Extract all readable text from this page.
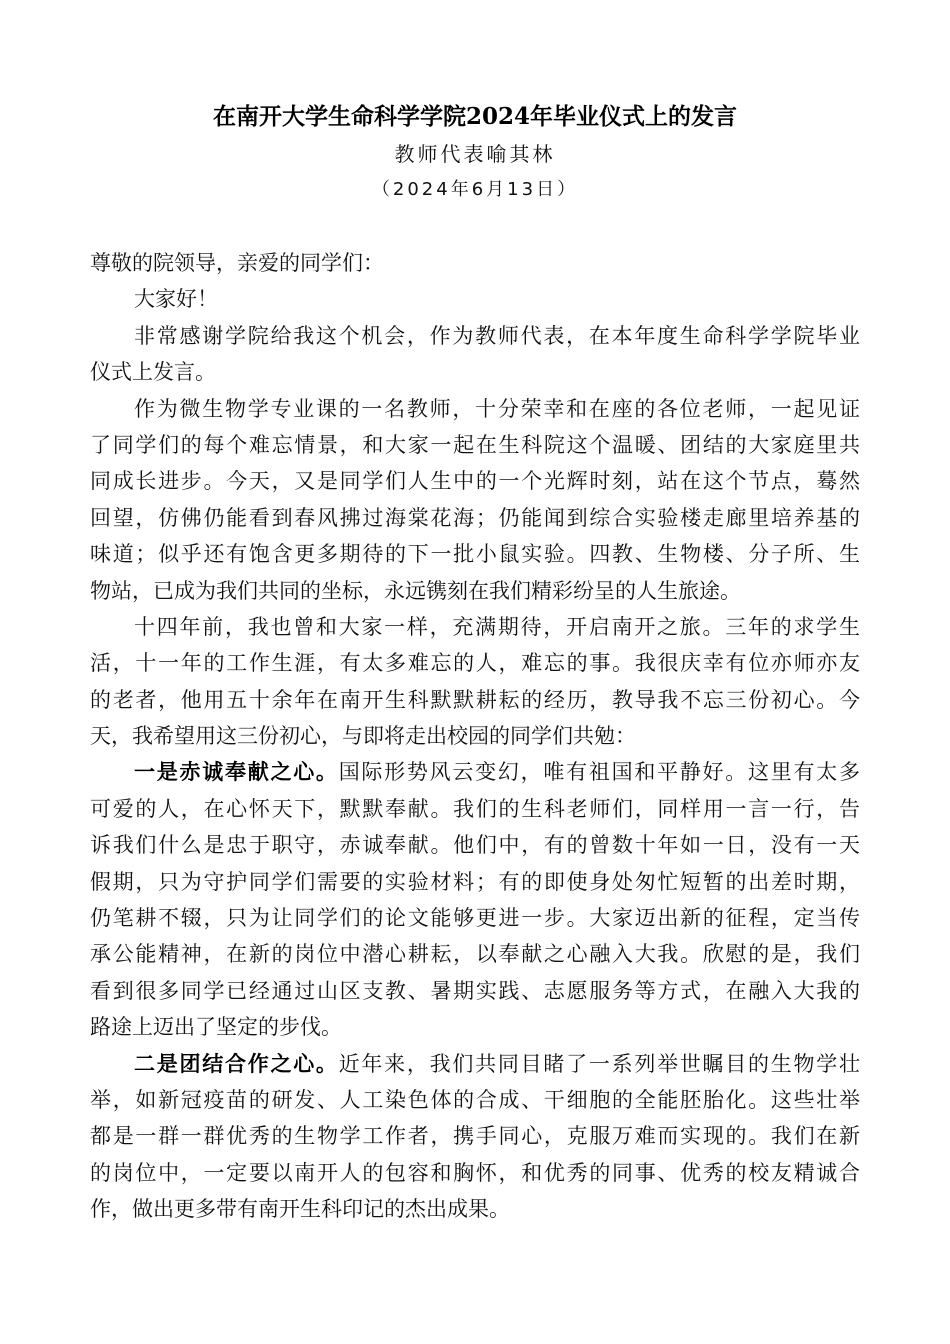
在南开大学生命科学学院2024年毕业仪式上的发言
教师代表喻其林
（2024年6月13日）
尊敬的院领导，亲爱的同学们：
大家好！
非常感谢学院给我这个机会，作为教师代表，在本年度生命科学学院毕业
仪式上发言。
作为微生物学专业课的一名教师，十分荣幸和在座的各位老师，一起见证
了同学们的每个难忘情景，和大家一起在生科院这个温暖、团结的大家庭里共
同成长进步。今天，又是同学们人生中的一个光辉时刻，站在这个节点，蓦然
回望，仿佛仍能看到春风拂过海棠花海；仍能闻到综合实验楼走廊里培养基的
味道；似乎还有饱含更多期待的下一批小鼠实验。四教、生物楼、分子所、生
物站，已成为我们共同的坐标，永远镌刻在我们精彩纷呈的人生旅途。
十四年前，我也曾和大家一样，充满期待，开启南开之旅。三年的求学生
活，十一年的工作生涯，有太多难忘的人，难忘的事。我很庆幸有位亦师亦友
的老者，他用五十余年在南开生科默默耕耘的经历，教导我不忘三份初心。今
天，我希望用这三份初心，与即将走出校园的同学们共勉：
一是赤诚奉献之心。国际形势风云变幻，唯有祖国和平静好。这里有太多
可爱的人，在心怀天下，默默奉献。我们的生科老师们，同样用一言一行，告
诉我们什么是忠于职守，赤诚奉献。他们中，有的曾数十年如一日，没有一天
假期，只为守护同学们需要的实验材料；有的即使身处匆忙短暂的出差时期，
仍笔耕不辍，只为让同学们的论文能够更进一步。大家迈出新的征程，定当传
承公能精神，在新的岗位中潜心耕耘，以奉献之心融入大我。欣慰的是，我们
看到很多同学已经通过山区支教、暑期实践、志愿服务等方式，在融入大我的
路途上迈出了坚定的步伐。
二是团结合作之心。近年来，我们共同目睹了一系列举世瞩目的生物学壮
举，如新冠疫苗的研发、人工染色体的合成、干细胞的全能胚胎化。这些壮举
都是一群一群优秀的生物学工作者，携手同心，克服万难而实现的。我们在新
的岗位中，一定要以南开人的包容和胸怀，和优秀的同事、优秀的校友精诚合
作，做出更多带有南开生科印记的杰出成果。
